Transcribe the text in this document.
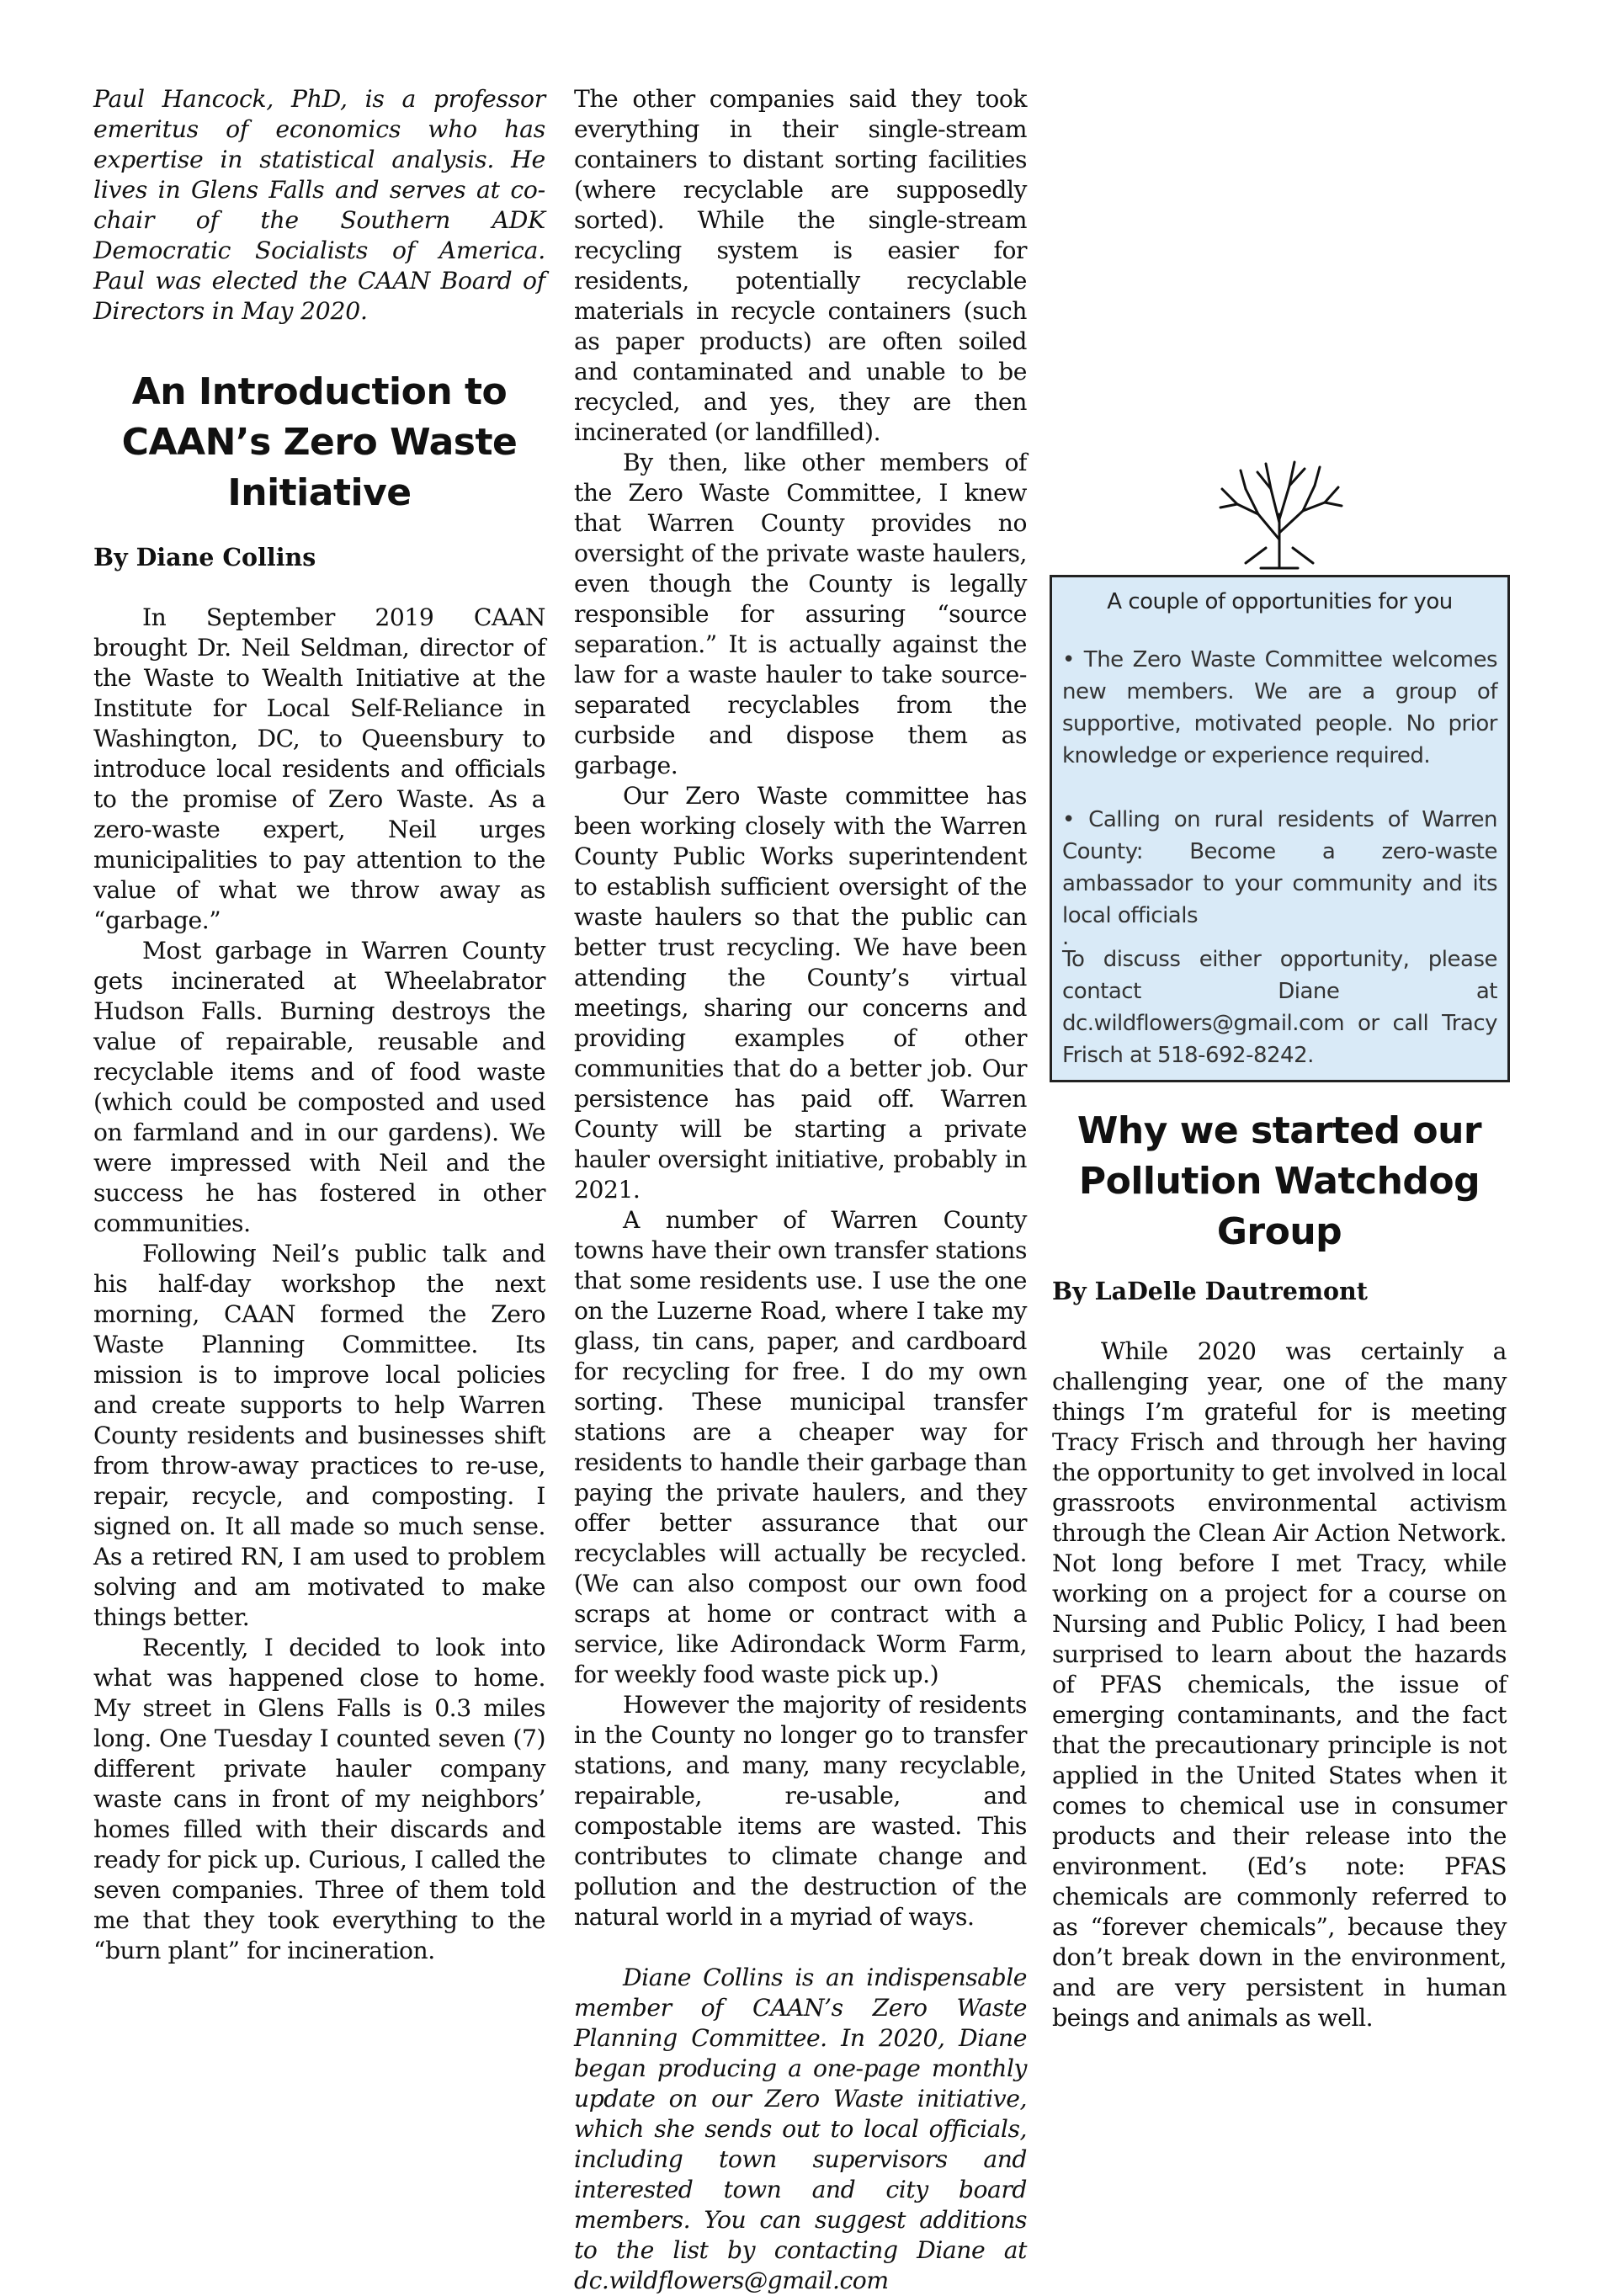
Paul Hancock, PhD, is a professor emeritus of economics who has expertise in statistical analysis. He lives in Glens Falls and serves at co-chair of the Southern ADK Democratic Socialists of America. Paul was elected the CAAN Board of Directors in May 2020.

An Introduction to CAAN’s Zero Waste Initiative

By Diane Collins

In September 2019 CAAN brought Dr. Neil Seldman, director of the Waste to Wealth Initiative at the Institute for Local Self-Reliance in Washington, DC, to Queensbury to introduce local residents and officials to the promise of Zero Waste. As a zero-waste expert, Neil urges municipalities to pay attention to the value of what we throw away as “garbage.”

Most garbage in Warren County gets incinerated at Wheelabrator Hudson Falls. Burning destroys the value of repairable, reusable and recyclable items and of food waste (which could be composted and used on farmland and in our gardens). We were impressed with Neil and the success he has fostered in other communities.

Following Neil’s public talk and his half-day workshop the next morning, CAAN formed the Zero Waste Planning Committee. Its mission is to improve local policies and create supports to help Warren County residents and businesses shift from throw-away practices to re-use, repair, recycle, and composting. I signed on. It all made so much sense. As a retired RN, I am used to problem solving and am motivated to make things better.

Recently, I decided to look into what was happened close to home. My street in Glens Falls is 0.3 miles long. One Tuesday I counted seven (7) different private hauler company waste cans in front of my neighbors’ homes filled with their discards and ready for pick up. Curious, I called the seven companies. Three of them told me that they took everything to the “burn plant” for incineration.

The other companies said they took everything in their single-stream containers to distant sorting facilities (where recyclable are supposedly sorted). While the single-stream recycling system is easier for residents, potentially recyclable materials in recycle containers (such as paper products) are often soiled and contaminated and unable to be recycled, and yes, they are then incinerated (or landfilled).

By then, like other members of the Zero Waste Committee, I knew that Warren County provides no oversight of the private waste haulers, even though the County is legally responsible for assuring “source separation.” It is actually against the law for a waste hauler to take source-separated recyclables from the curbside and dispose them as garbage.

Our Zero Waste committee has been working closely with the Warren County Public Works superintendent to establish sufficient oversight of the waste haulers so that the public can better trust recycling. We have been attending the County’s virtual meetings, sharing our concerns and providing examples of other communities that do a better job. Our persistence has paid off. Warren County will be starting a private hauler oversight initiative, probably in 2021.

A number of Warren County towns have their own transfer stations that some residents use. I use the one on the Luzerne Road, where I take my glass, tin cans, paper, and cardboard for recycling for free. I do my own sorting. These municipal transfer stations are a cheaper way for residents to handle their garbage than paying the private haulers, and they offer better assurance that our recyclables will actually be recycled. (We can also compost our own food scraps at home or contract with a service, like Adirondack Worm Farm, for weekly food waste pick up.)

However the majority of residents in the County no longer go to transfer stations, and many, many recyclable, repairable, re-usable, and compostable items are wasted. This contributes to climate change and pollution and the destruction of the natural world in a myriad of ways.

Diane Collins is an indispensable member of CAAN’s Zero Waste Planning Committee. In 2020, Diane began producing a one-page monthly update on our Zero Waste initiative, which she sends out to local officials, including town supervisors and interested town and city board members. You can suggest additions to the list by contacting Diane at dc.wildflowers@gmail.com

A couple of opportunities for you

• The Zero Waste Committee welcomes new members. We are a group of supportive, motivated people. No prior knowledge or experience required.

• Calling on rural residents of Warren County: Become a zero-waste ambassador to your community and its local officials

.

To discuss either opportunity, please contact Diane at dc.wildflowers@gmail.com or call Tracy Frisch at 518-692-8242.

Why we started our Pollution Watchdog Group

By LaDelle Dautremont

While 2020 was certainly a challenging year, one of the many things I’m grateful for is meeting Tracy Frisch and through her having the opportunity to get involved in local grassroots environmental activism through the Clean Air Action Network. Not long before I met Tracy, while working on a project for a course on Nursing and Public Policy, I had been surprised to learn about the hazards of PFAS chemicals, the issue of emerging contaminants, and the fact that the precautionary principle is not applied in the United States when it comes to chemical use in consumer products and their release into the environment. (Ed’s note: PFAS chemicals are commonly referred to as “forever chemicals”, because they don’t break down in the environment, and are very persistent in human beings and animals as well.
